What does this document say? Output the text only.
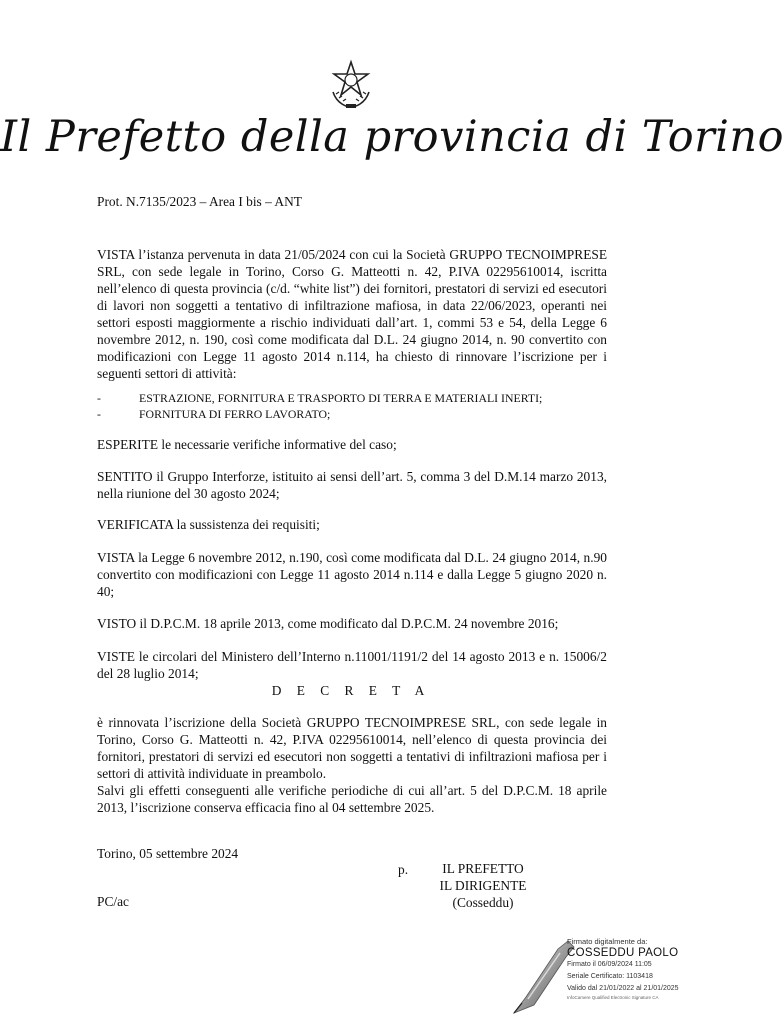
Il Prefetto della provincia di Torino
Prot. N.7135/2023 – Area I bis – ANT

VISTA l’istanza pervenuta in data 21/05/2024 con cui la Società GRUPPO TECNOIMPRESE SRL, con sede legale in Torino, Corso G. Matteotti n. 42, P.IVA 02295610014, iscritta nell’elenco di questa provincia (c/d. “white list”) dei fornitori, prestatori di servizi ed esecutori di lavori non soggetti a tentativo di infiltrazione mafiosa, in data 22/06/2023, operanti nei settori esposti maggiormente a rischio individuati dall’art. 1, commi 53 e 54, della Legge 6 novembre 2012, n. 190, così come modificata dal D.L. 24 giugno 2014, n. 90 convertito con modificazioni con Legge 11 agosto 2014 n.114, ha chiesto di rinnovare l’iscrizione per i seguenti settori di attività:

-	ESTRAZIONE, FORNITURA E TRASPORTO DI TERRA E MATERIALI INERTI;
-	FORNITURA DI FERRO LAVORATO;
ESPERITE le necessarie verifiche informative del caso;
SENTITO il Gruppo Interforze, istituito ai sensi dell’art. 5, comma 3 del D.M.14 marzo 2013, nella riunione del 30 agosto 2024;
VERIFICATA la sussistenza dei requisiti;
VISTA la Legge 6 novembre 2012, n.190, così come modificata dal D.L. 24 giugno 2014, n.90 convertito con modificazioni con Legge 11 agosto 2014 n.114 e dalla Legge 5 giugno 2020 n. 40;
VISTO il D.P.C.M. 18 aprile 2013, come modificato dal D.P.C.M. 24 novembre 2016;
VISTE le circolari del Ministero dell’Interno n.11001/1191/2 del 14 agosto 2013 e n. 15006/2 del 28 luglio 2014;
D E C R E T A
è rinnovata l’iscrizione della Società GRUPPO TECNOIMPRESE SRL, con sede legale in Torino, Corso G. Matteotti n. 42, P.IVA 02295610014, nell’elenco di questa provincia dei fornitori, prestatori di servizi ed esecutori non soggetti a tentativi di infiltrazioni mafiosa per i settori di attività individuate in preambolo.
Salvi gli effetti conseguenti alle verifiche periodiche di cui all’art. 5 del D.P.C.M. 18 aprile 2013, l’iscrizione conserva efficacia fino al 04 settembre 2025.
Torino, 05 settembre 2024
PC/ac
p.	IL PREFETTO
IL DIRIGENTE
(Cosseddu)
Firmato digitalmente da:
COSSEDDU PAOLO
Firmato il 06/09/2024 11:05
Seriale Certificato: 1103418
Valido dal 21/01/2022 al 21/01/2025
InfoCamere Qualified Electronic Signature CA
